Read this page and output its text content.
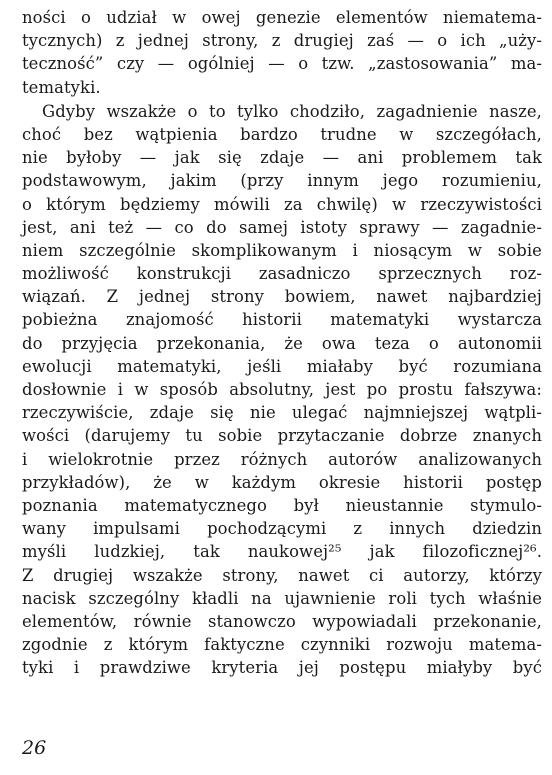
ności o udział w owej genezie elementów niematema-
tycznych) z jednej strony, z drugiej zaś — o ich „uży-
teczność” czy — ogólniej — o tzw. „zastosowania” ma-
tematyki.
Gdyby wszakże o to tylko chodziło, zagadnienie nasze,
choć bez wątpienia bardzo trudne w szczegółach,
nie byłoby — jak się zdaje — ani problemem tak
podstawowym, jakim (przy innym jego rozumieniu,
o którym będziemy mówili za chwilę) w rzeczywistości
jest, ani też — co do samej istoty sprawy — zagadnie-
niem szczególnie skomplikowanym i niosącym w sobie
możliwość konstrukcji zasadniczo sprzecznych roz-
wiązań. Z jednej strony bowiem, nawet najbardziej
pobieżna znajomość historii matematyki wystarcza
do przyjęcia przekonania, że owa teza o autonomii
ewolucji matematyki, jeśli miałaby być rozumiana
dosłownie i w sposób absolutny, jest po prostu fałszywa:
rzeczywiście, zdaje się nie ulegać najmniejszej wątpli-
wości (darujemy tu sobie przytaczanie dobrze znanych
i wielokrotnie przez różnych autorów analizowanych
przykładów), że w każdym okresie historii postęp
poznania matematycznego był nieustannie stymulo-
wany impulsami pochodzącymi z innych dziedzin
myśli ludzkiej, tak naukowej²⁵ jak filozoficznej²⁶.
Z drugiej wszakże strony, nawet ci autorzy, którzy
nacisk szczególny kładli na ujawnienie roli tych właśnie
elementów, równie stanowczo wypowiadali przekonanie,
zgodnie z którym faktyczne czynniki rozwoju matema-
tyki i prawdziwe kryteria jej postępu miałyby być
26
